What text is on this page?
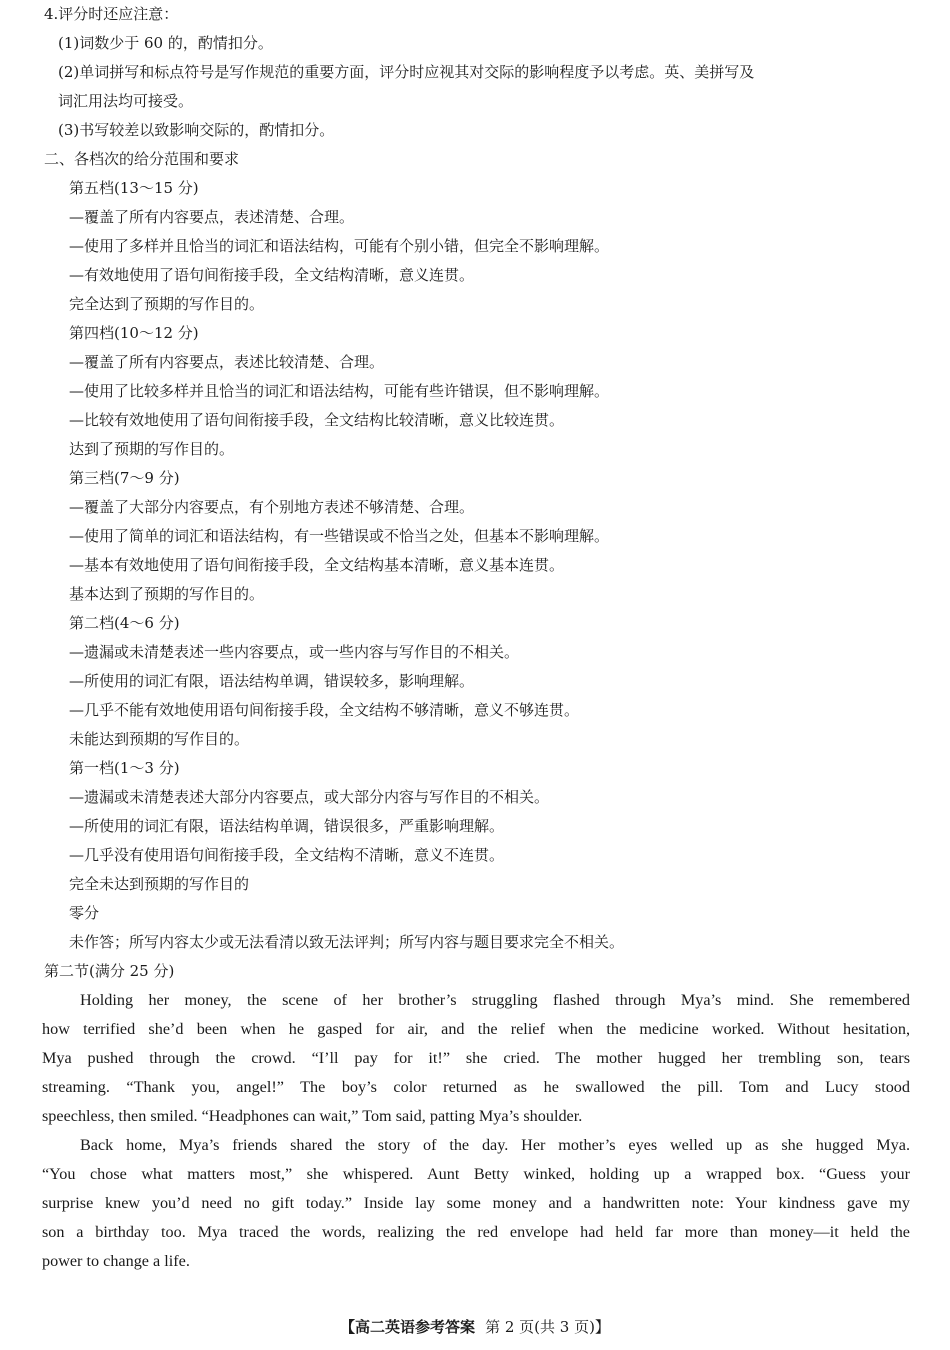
4.评分时还应注意：
(1)词数少于 60 的，酌情扣分。
(2)单词拼写和标点符号是写作规范的重要方面，评分时应视其对交际的影响程度予以考虑。英、美拼写及
词汇用法均可接受。
(3)书写较差以致影响交际的，酌情扣分。
二、各档次的给分范围和要求
第五档(13～15 分)
—覆盖了所有内容要点，表述清楚、合理。
—使用了多样并且恰当的词汇和语法结构，可能有个别小错，但完全不影响理解。
—有效地使用了语句间衔接手段，全文结构清晰，意义连贯。
完全达到了预期的写作目的。
第四档(10～12 分)
—覆盖了所有内容要点，表述比较清楚、合理。
—使用了比较多样并且恰当的词汇和语法结构，可能有些许错误，但不影响理解。
—比较有效地使用了语句间衔接手段，全文结构比较清晰，意义比较连贯。
达到了预期的写作目的。
第三档(7～9 分)
—覆盖了大部分内容要点，有个别地方表述不够清楚、合理。
—使用了简单的词汇和语法结构，有一些错误或不恰当之处，但基本不影响理解。
—基本有效地使用了语句间衔接手段，全文结构基本清晰，意义基本连贯。
基本达到了预期的写作目的。
第二档(4～6 分)
—遗漏或未清楚表述一些内容要点，或一些内容与写作目的不相关。
—所使用的词汇有限，语法结构单调，错误较多，影响理解。
—几乎不能有效地使用语句间衔接手段，全文结构不够清晰，意义不够连贯。
未能达到预期的写作目的。
第一档(1～3 分)
—遗漏或未清楚表述大部分内容要点，或大部分内容与写作目的不相关。
—所使用的词汇有限，语法结构单调，错误很多，严重影响理解。
—几乎没有使用语句间衔接手段，全文结构不清晰，意义不连贯。
完全未达到预期的写作目的
零分
未作答；所写内容太少或无法看清以致无法评判；所写内容与题目要求完全不相关。
第二节(满分 25 分)
Holding her money, the scene of her brother’s struggling flashed through Mya’s mind. She remembered
how terrified she’d been when he gasped for air, and the relief when the medicine worked. Without hesitation,
Mya pushed through the crowd. “I’ll pay for it!” she cried. The mother hugged her trembling son, tears
streaming. “Thank you, angel!” The boy’s color returned as he swallowed the pill. Tom and Lucy stood
speechless, then smiled. “Headphones can wait,” Tom said, patting Mya’s shoulder.
Back home, Mya’s friends shared the story of the day. Her mother’s eyes welled up as she hugged Mya.
“You chose what matters most,” she whispered. Aunt Betty winked, holding up a wrapped box. “Guess your
surprise knew you’d need no gift today.” Inside lay some money and a handwritten note: Your kindness gave my
son a birthday too. Mya traced the words, realizing the red envelope had held far more than money—it held the
power to change a life.
【高二英语参考答案 第 2 页(共 3 页)】
